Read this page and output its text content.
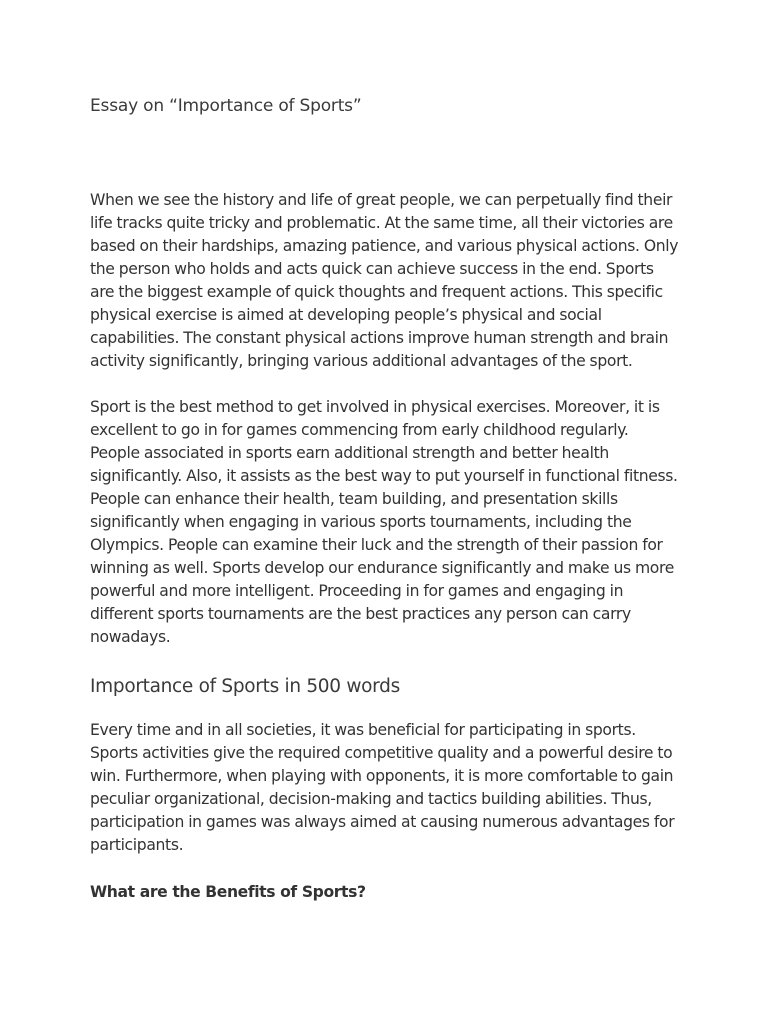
Essay on “Importance of Sports”

When we see the history and life of great people, we can perpetually find their life tracks quite tricky and problematic. At the same time, all their victories are based on their hardships, amazing patience, and various physical actions. Only the person who holds and acts quick can achieve success in the end. Sports are the biggest example of quick thoughts and frequent actions. This specific physical exercise is aimed at developing people’s physical and social capabilities. The constant physical actions improve human strength and brain activity significantly, bringing various additional advantages of the sport.

Sport is the best method to get involved in physical exercises. Moreover, it is excellent to go in for games commencing from early childhood regularly. People associated in sports earn additional strength and better health significantly. Also, it assists as the best way to put yourself in functional fitness. People can enhance their health, team building, and presentation skills significantly when engaging in various sports tournaments, including the Olympics. People can examine their luck and the strength of their passion for winning as well. Sports develop our endurance significantly and make us more powerful and more intelligent. Proceeding in for games and engaging in different sports tournaments are the best practices any person can carry nowadays.

Importance of Sports in 500 words

Every time and in all societies, it was beneficial for participating in sports. Sports activities give the required competitive quality and a powerful desire to win. Furthermore, when playing with opponents, it is more comfortable to gain peculiar organizational, decision-making and tactics building abilities. Thus, participation in games was always aimed at causing numerous advantages for participants.

What are the Benefits of Sports?
